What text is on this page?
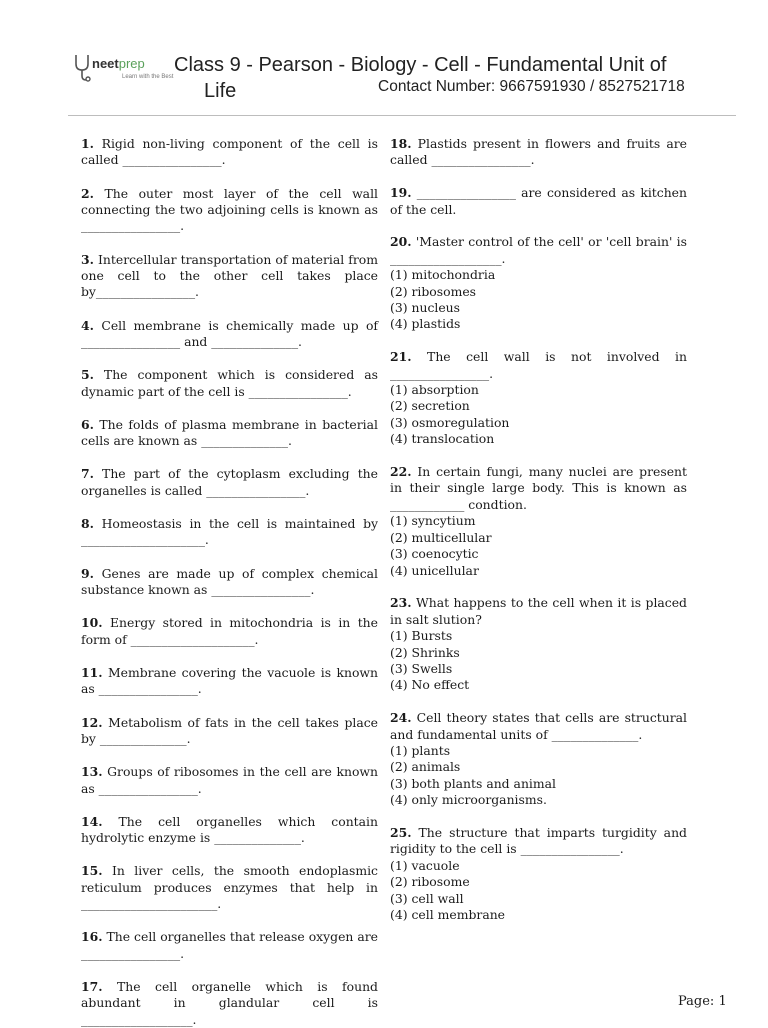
neetprep
Learn with the Best
Class 9 - Pearson - Biology - Cell - Fundamental Unit of
Life	Contact Number: 9667591930 / 8527521718

1. Rigid non-living component of the cell is called ________________.

2. The outer most layer of the cell wall connecting the two adjoining cells is known as ________________.

3. Intercellular transportation of material from one cell to the other cell takes place by________________.

4. Cell membrane is chemically made up of ________________ and ______________.

5. The component which is considered as dynamic part of the cell is ________________.

6. The folds of plasma membrane in bacterial cells are known as ______________.

7. The part of the cytoplasm excluding the organelles is called ________________.

8. Homeostasis in the cell is maintained by ____________________.

9. Genes are made up of complex chemical substance known as ________________.

10. Energy stored in mitochondria is in the form of ____________________.

11. Membrane covering the vacuole is known as ________________.

12. Metabolism of fats in the cell takes place by ______________.

13. Groups of ribosomes in the cell are known as ________________.

14. The cell organelles which contain hydrolytic enzyme is ______________.

15. In liver cells, the smooth endoplasmic reticulum produces enzymes that help in ______________________.

16. The cell organelles that release oxygen are ________________.

17. The cell organelle which is found abundant in glandular cell is __________________.

18. Plastids present in flowers and fruits are called ________________.

19. ________________ are considered as kitchen of the cell.

20. 'Master control of the cell' or 'cell brain' is __________________.
(1) mitochondria
(2) ribosomes
(3) nucleus
(4) plastids

21. The cell wall is not involved in ________________.
(1) absorption
(2) secretion
(3) osmoregulation
(4) translocation

22. In certain fungi, many nuclei are present in their single large body. This is known as ____________ condtion.
(1) syncytium
(2) multicellular
(3) coenocytic
(4) unicellular

23. What happens to the cell when it is placed in salt slution?
(1) Bursts
(2) Shrinks
(3) Swells
(4) No effect

24. Cell theory states that cells are structural and fundamental units of ______________.
(1) plants
(2) animals
(3) both plants and animal
(4) only microorganisms.

25. The structure that imparts turgidity and rigidity to the cell is ________________.
(1) vacuole
(2) ribosome
(3) cell wall
(4) cell membrane

Page: 1
